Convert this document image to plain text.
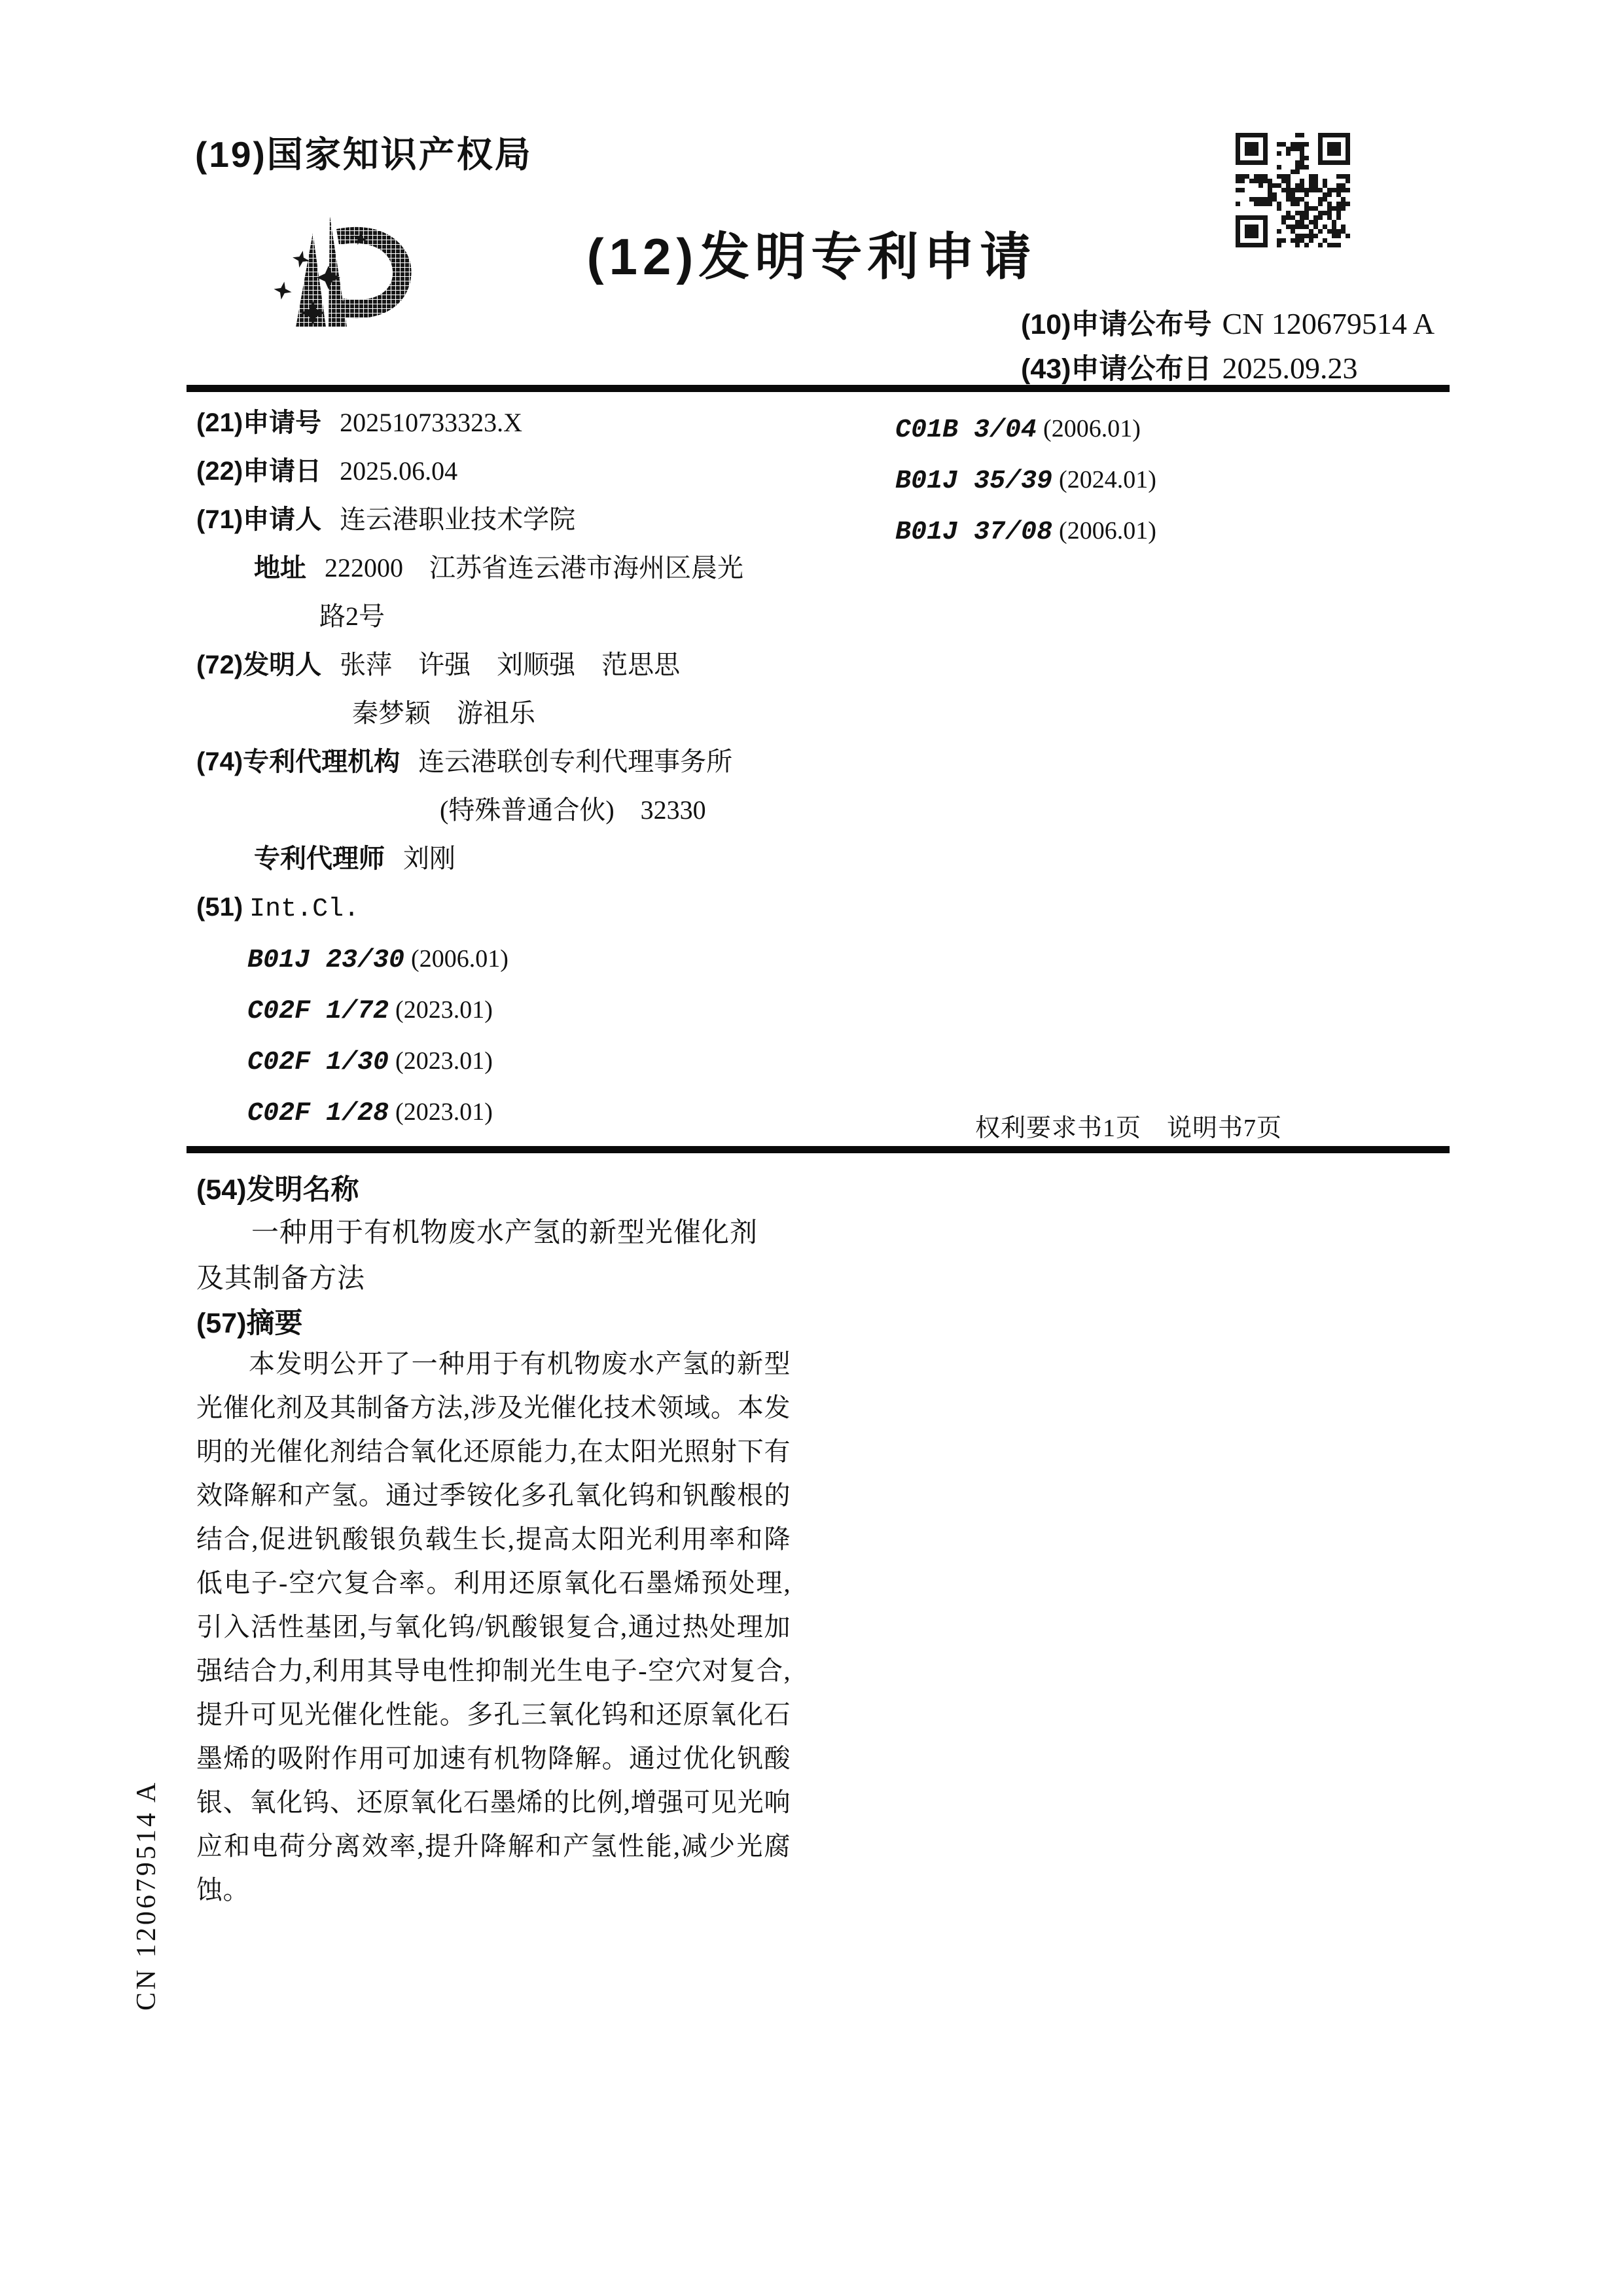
(19)国家知识产权局
(12)发明专利申请
(10)申请公布号 CN 120679514 A
(43)申请公布日 2025.09.23
(21)申请号 202510733323.X
(22)申请日 2025.06.04
(71)申请人 连云港职业技术学院
地址 222000　江苏省连云港市海州区晨光
路2号
(72)发明人 张萍　许强　刘顺强　范思思
秦梦颖　游祖乐
(74)专利代理机构 连云港联创专利代理事务所
(特殊普通合伙)　32330
专利代理师 刘刚
(51) Int.Cl.
B01J 23/30 (2006.01)
C02F 1/72 (2023.01)
C02F 1/30 (2023.01)
C02F 1/28 (2023.01)
C01B 3/04 (2006.01)
B01J 35/39 (2024.01)
B01J 37/08 (2006.01)
权利要求书1页　说明书7页
(54)发明名称
一种用于有机物废水产氢的新型光催化剂
及其制备方法
(57)摘要
本发明公开了一种用于有机物废水产氢的新型光催化剂及其制备方法,涉及光催化技术领域。本发明的光催化剂结合氧化还原能力,在太阳光照射下有效降解和产氢。通过季铵化多孔氧化钨和钒酸根的结合,促进钒酸银负载生长,提高太阳光利用率和降低电子-空穴复合率。利用还原氧化石墨烯预处理,引入活性基团,与氧化钨/钒酸银复合,通过热处理加强结合力,利用其导电性抑制光生电子-空穴对复合,提升可见光催化性能。多孔三氧化钨和还原氧化石墨烯的吸附作用可加速有机物降解。通过优化钒酸银、氧化钨、还原氧化石墨烯的比例,增强可见光响应和电荷分离效率,提升降解和产氢性能,减少光腐蚀。
CN 120679514 A
